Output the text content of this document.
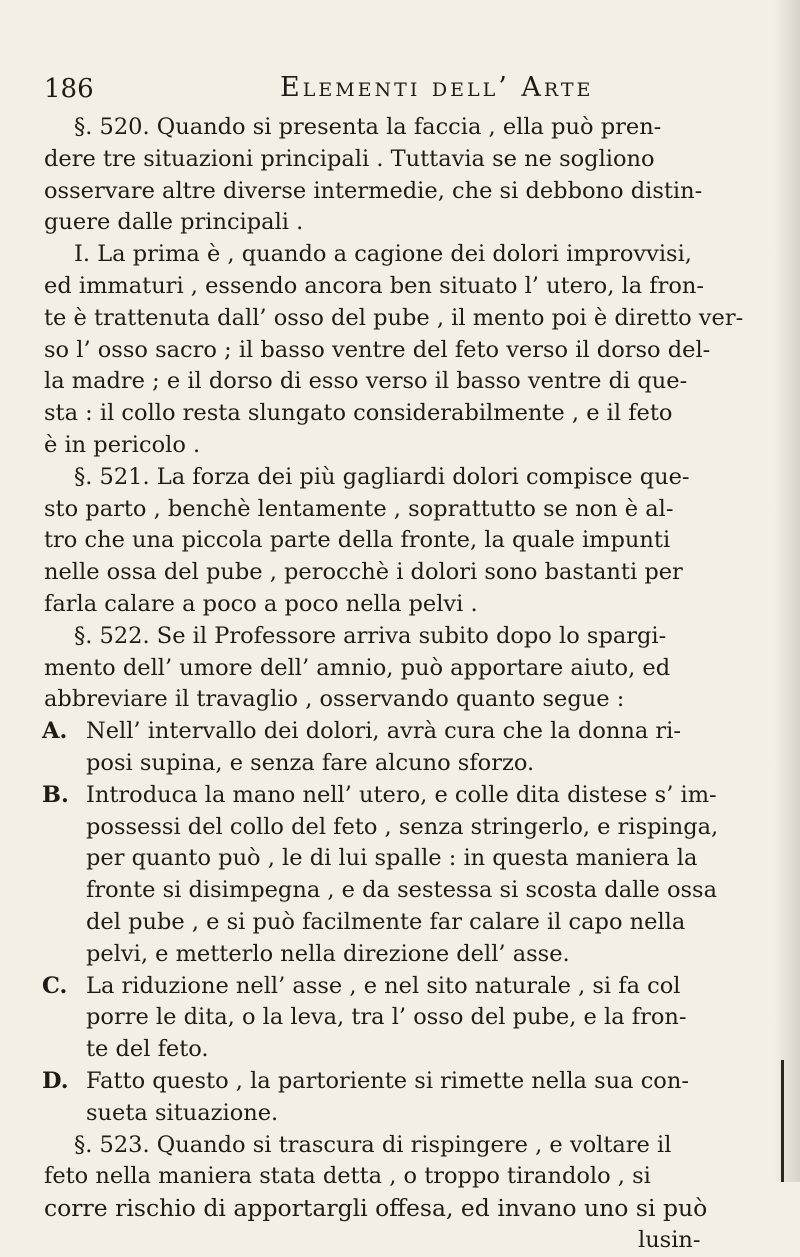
186	Elementi dell’ Arte
§. 520. Quando si presenta la faccia , ella può pren-
dere tre situazioni principali . Tuttavia se ne sogliono
osservare altre diverse intermedie, che si debbono distin-
guere dalle principali .
I. La prima è , quando a cagione dei dolori improvvisi,
ed immaturi , essendo ancora ben situato l’ utero, la fron-
te è trattenuta dall’ osso del pube , il mento poi è diretto ver-
so l’ osso sacro ; il basso ventre del feto verso il dorso del-
la madre ; e il dorso di esso verso il basso ventre di que-
sta : il collo resta slungato considerabilmente , e il feto
è in pericolo .
§. 521. La forza dei più gagliardi dolori compisce que-
sto parto , benchè lentamente , soprattutto se non è al-
tro che una piccola parte della fronte, la quale impunti
nelle ossa del pube , perocchè i dolori sono bastanti per
farla calare a poco a poco nella pelvi .
§. 522. Se il Professore arriva subito dopo lo spargi-
mento dell’ umore dell’ amnio, può apportare aiuto, ed
abbreviare il travaglio , osservando quanto segue :
A. Nell’ intervallo dei dolori, avrà cura che la donna ri-
posi supina, e senza fare alcuno sforzo.
B. Introduca la mano nell’ utero, e colle dita distese s’ im-
possessi del collo del feto , senza stringerlo, e rispinga,
per quanto può , le di lui spalle : in questa maniera la
fronte si disimpegna , e da sestessa si scosta dalle ossa
del pube , e si può facilmente far calare il capo nella
pelvi, e metterlo nella direzione dell’ asse.
C. La riduzione nell’ asse , e nel sito naturale , si fa col
porre le dita, o la leva, tra l’ osso del pube, e la fron-
te del feto.
D. Fatto questo , la partoriente si rimette nella sua con-
sueta situazione.
§. 523. Quando si trascura di rispingere , e voltare il
feto nella maniera stata detta , o troppo tirandolo , si
corre rischio di apportargli offesa, ed invano uno si può
lusin-
